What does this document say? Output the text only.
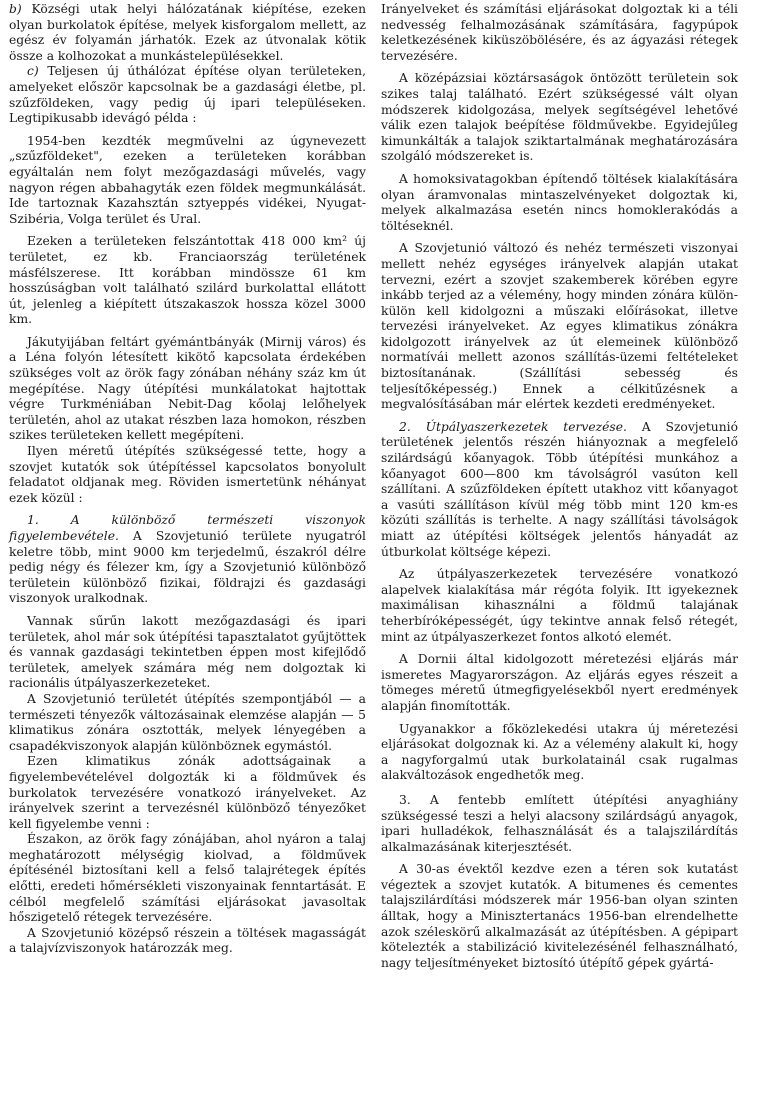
b) Községi utak helyi hálózatának kiépítése, ezeken olyan burkolatok építése, melyek kisforgalom mellett, az egész év folyamán járhatók. Ezek az útvonalak kötik össze a kolhozokat a munkástelepülésekkel.

c) Teljesen új úthálózat építése olyan területeken, amelyeket először kapcsolnak be a gazdasági életbe, pl. szűzföldeken, vagy pedig új ipari településeken. Legtipikusabb idevágó példa :

1954-ben kezdték megművelni az úgynevezett „szűzföldeket", ezeken a területeken korábban egyáltalán nem folyt mezőgazdasági művelés, vagy nagyon régen abbahagyták ezen földek megmunkálását. Ide tartoznak Kazahsztán sztyeppés vidékei, Nyugat-Szibéria, Volga terület és Ural.

Ezeken a területeken felszántottak 418 000 km² új területet, ez kb. Franciaország területének másfélszerese. Itt korábban mindössze 61 km hosszúságban volt található szilárd burkolattal ellátott út, jelenleg a kiépített útszakaszok hossza közel 3000 km.

Jákutyijában feltárt gyémántbányák (Mirnij város) és a Léna folyón létesített kikötő kapcsolata érdekében szükséges volt az örök fagy zónában néhány száz km út megépítése. Nagy útépítési munkálatokat hajtottak végre Turkméniában Nebit-Dag kőolaj lelőhelyek területén, ahol az utakat részben laza homokon, részben szikes területeken kellett megépíteni.

Ilyen méretű útépítés szükségessé tette, hogy a szovjet kutatók sok útépítéssel kapcsolatos bonyolult feladatot oldjanak meg. Röviden ismertetünk néhányat ezek közül :

1. A különböző természeti viszonyok figyelembevétele. A Szovjetunió területe nyugatról keletre több, mint 9000 km terjedelmű, északról délre pedig négy és félezer km, így a Szovjetunió különböző területein különböző fizikai, földrajzi és gazdasági viszonyok uralkodnak.

Vannak sűrűn lakott mezőgazdasági és ipari területek, ahol már sok útépítési tapasztalatot gyűjtöttek és vannak gazdasági tekintetben éppen most kifejlődő területek, amelyek számára még nem dolgoztak ki racionális útpályaszerkezeteket.

A Szovjetunió területét útépítés szempontjából — a természeti tényezők változásainak elemzése alapján — 5 klimatikus zónára osztották, melyek lényegében a csapadékviszonyok alapján különböznek egymástól.

Ezen klimatikus zónák adottságainak a figyelembevételével dolgozták ki a földművek és burkolatok tervezésére vonatkozó irányelveket. Az irányelvek szerint a tervezésnél különböző tényezőket kell figyelembe venni :

Északon, az örök fagy zónájában, ahol nyáron a talaj meghatározott mélységig kiolvad, a földművek építésénél biztosítani kell a felső talajrétegek építés előtti, eredeti hőmérsékleti viszonyainak fenntartását. E célból megfelelő számítási eljárásokat javasoltak hőszigetelő rétegek tervezésére.

A Szovjetunió középső részein a töltések magasságát a talajvízviszonyok határozzák meg.

Irányelveket és számítási eljárásokat dolgoztak ki a téli nedvesség felhalmozásának számítására, fagypúpok keletkezésének kiküszöbölésére, és az ágyazási rétegek tervezésére.

A középázsiai köztársaságok öntözött területein sok szikes talaj található. Ezért szükségessé vált olyan módszerek kidolgozása, melyek segítségével lehetővé válik ezen talajok beépítése földművekbe. Egyidejűleg kimunkálták a talajok sziktartalmának meghatározására szolgáló módszereket is.

A homoksivatagokban építendő töltések kialakítására olyan áramvonalas mintaszelvényeket dolgoztak ki, melyek alkalmazása esetén nincs homoklerakódás a töltéseknél.

A Szovjetunió változó és nehéz természeti viszonyai mellett nehéz egységes irányelvek alapján utakat tervezni, ezért a szovjet szakemberek körében egyre inkább terjed az a vélemény, hogy minden zónára külön-külön kell kidolgozni a műszaki előírásokat, illetve tervezési irányelveket. Az egyes klimatikus zónákra kidolgozott irányelvek az út elemeinek különböző normatívái mellett azonos szállítás-üzemi feltételeket biztosítanának. (Szállítási sebesség és teljesítőképesség.) Ennek a célkitűzésnek a megvalósításában már elértek kezdeti eredményeket.

2. Útpályaszerkezetek tervezése. A Szovjetunió területének jelentős részén hiányoznak a megfelelő szilárdságú kőanyagok. Több útépítési munkához a kőanyagot 600—800 km távolságról vasúton kell szállítani. A szűzföldeken épített utakhoz vitt kőanyagot a vasúti szállításon kívül még több mint 120 km-es közúti szállítás is terhelte. A nagy szállítási távolságok miatt az útépítési költségek jelentős hányadát az útburkolat költsége képezi.

Az útpályaszerkezetek tervezésére vonatkozó alapelvek kialakítása már régóta folyik. Itt igyekeznek maximálisan kihasználni a földmű talajának teherbíróképességét, úgy tekintve annak felső rétegét, mint az útpályaszerkezet fontos alkotó elemét.

A Dornii által kidolgozott méretezési eljárás már ismeretes Magyarországon. Az eljárás egyes részeit a tömeges méretű útmegfigyelésekből nyert eredmények alapján finomították.

Ugyanakkor a főközlekedési utakra új méretezési eljárásokat dolgoznak ki. Az a vélemény alakult ki, hogy a nagyforgalmú utak burkolatainál csak rugalmas alakváltozások engedhetők meg.

3. A fentebb említett útépítési anyaghiány szükségessé teszi a helyi alacsony szilárdságú anyagok, ipari hulladékok, felhasználását és a talajszilárdítás alkalmazásának kiterjesztését.

A 30-as évektől kezdve ezen a téren sok kutatást végeztek a szovjet kutatók. A bitumenes és cementes talajszilárdítási módszerek már 1956-ban olyan szinten álltak, hogy a Minisztertanács 1956-ban elrendelhette azok széleskörű alkalmazását az útépítésben. A gépipart kötelezték a stabilizáció kivitelezésénél felhasználható, nagy teljesítményeket biztosító útépítő gépek gyártá-
